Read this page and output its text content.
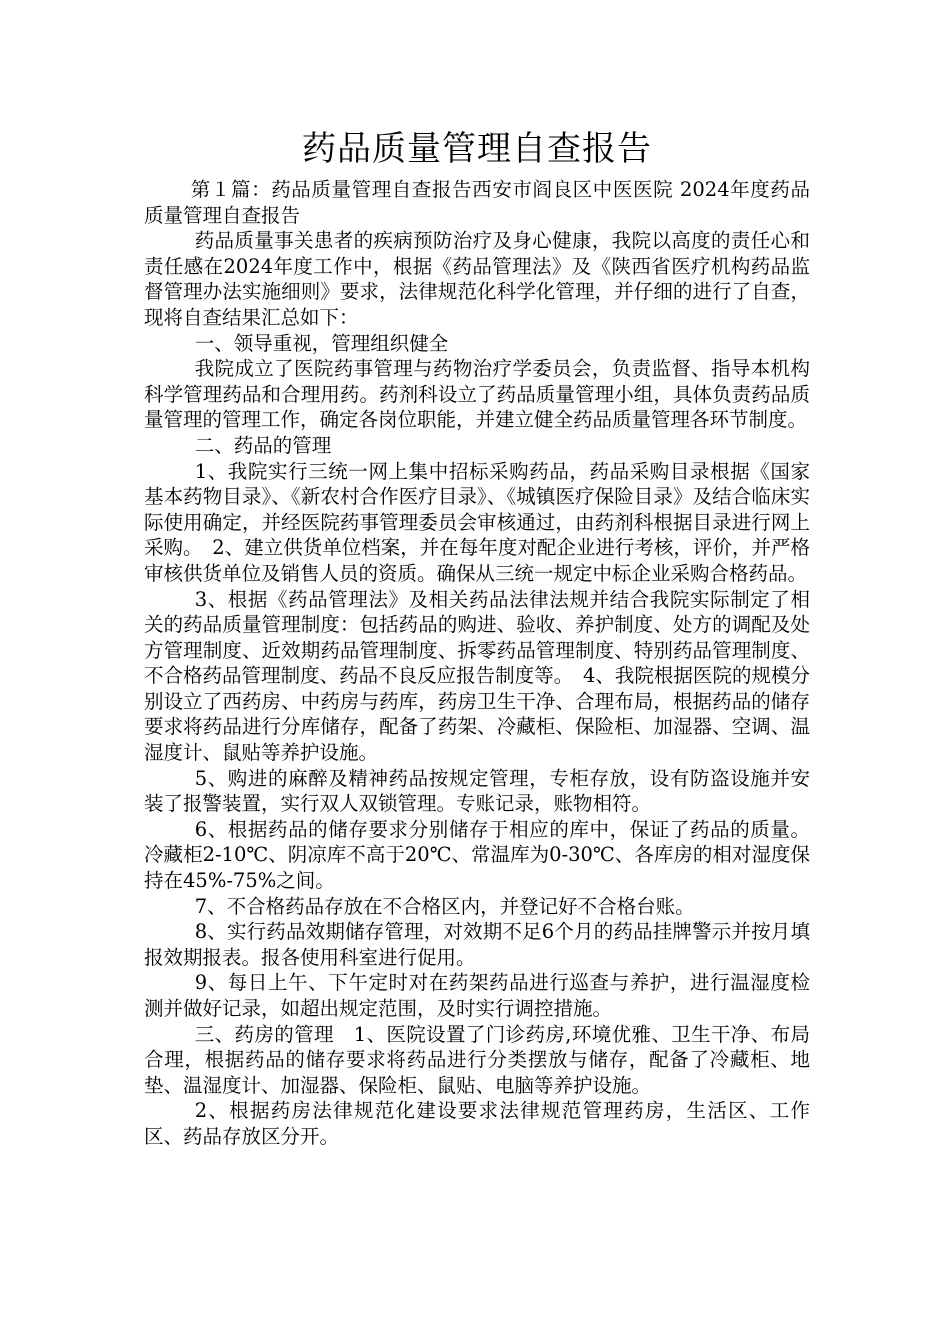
药品质量管理自查报告

第１篇：药品质量管理自查报告西安市阎良区中医医院 2024年度药品质量管理自查报告

药品质量事关患者的疾病预防治疗及身心健康，我院以高度的责任心和责任感在2024年度工作中，根据《药品管理法》及《陕西省医疗机构药品监督管理办法实施细则》要求，法律规范化科学化管理，并仔细的进行了自查，现将自查结果汇总如下：

一、领导重视，管理组织健全

我院成立了医院药事管理与药物治疗学委员会，负责监督、指导本机构科学管理药品和合理用药。药剂科设立了药品质量管理小组，具体负责药品质量管理的管理工作，确定各岗位职能，并建立健全药品质量管理各环节制度。

二、药品的管理

1、我院实行三统一网上集中招标采购药品，药品采购目录根据《国家基本药物目录》、《新农村合作医疗目录》、《城镇医疗保险目录》及结合临床实际使用确定，并经医院药事管理委员会审核通过，由药剂科根据目录进行网上采购。　2、建立供货单位档案，并在每年度对配企业进行考核，评价，并严格审核供货单位及销售人员的资质。确保从三统一规定中标企业采购合格药品。

3、根据《药品管理法》及相关药品法律法规并结合我院实际制定了相关的药品质量管理制度：包括药品的购进、验收、养护制度、处方的调配及处方管理制度、近效期药品管理制度、拆零药品管理制度、特别药品管理制度、不合格药品管理制度、药品不良反应报告制度等。　4、我院根据医院的规模分别设立了西药房、中药房与药库，药房卫生干净、合理布局，根据药品的储存要求将药品进行分库储存，配备了药架、冷藏柜、保险柜、加湿器、空调、温湿度计、鼠贴等养护设施。

5、购进的麻醉及精神药品按规定管理，专柜存放，设有防盗设施并安装了报警装置，实行双人双锁管理。专账记录，账物相符。

6、根据药品的储存要求分别储存于相应的库中，保证了药品的质量。冷藏柜2-10℃、阴凉库不高于20℃、常温库为0-30℃、各库房的相对湿度保持在45%-75%之间。

7、不合格药品存放在不合格区内，并登记好不合格台账。

8、实行药品效期储存管理，对效期不足6个月的药品挂牌警示并按月填报效期报表。报各使用科室进行促用。

9、每日上午、下午定时对在药架药品进行巡查与养护，进行温湿度检测并做好记录，如超出规定范围，及时实行调控措施。

三、药房的管理　1、医院设置了门诊药房,环境优雅、卫生干净、布局合理，根据药品的储存要求将药品进行分类摆放与储存，配备了冷藏柜、地垫、温湿度计、加湿器、保险柜、鼠贴、电脑等养护设施。

2、根据药房法律规范化建设要求法律规范管理药房，生活区、工作区、药品存放区分开。
